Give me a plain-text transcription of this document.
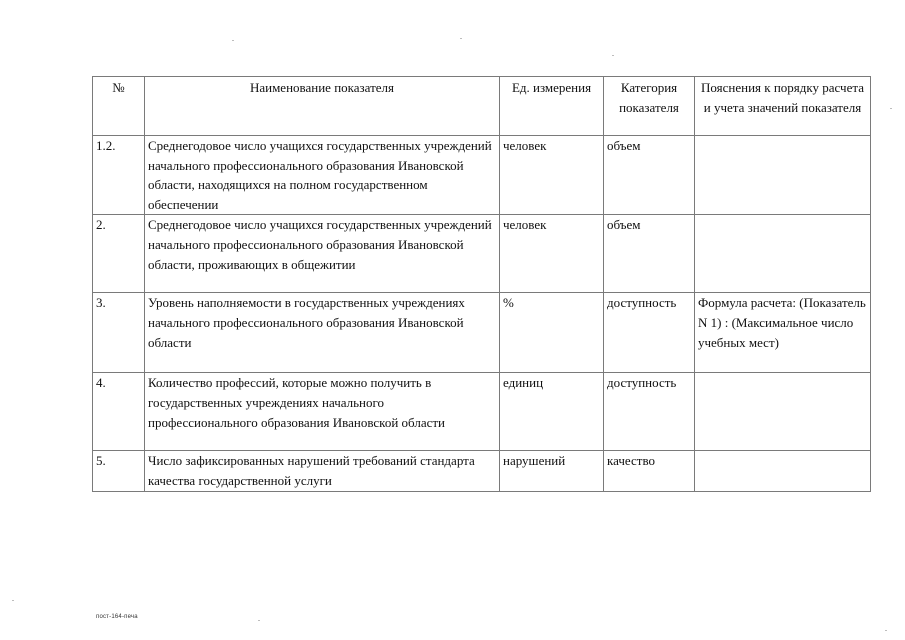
№	Наименование показателя	Ед. измерения	Категория показателя	Пояснения к порядку расчета и учета значений показателя
1.2.	Среднегодовое число учащихся государственных учреждений начального профессионального образования Ивановской области, находящихся на полном государственном обеспечении	человек	объем	
2.	Среднегодовое число учащихся государственных учреждений начального профессионального образования Ивановской области, проживающих в общежитии	человек	объем	
3.	Уровень наполняемости в государственных учреждениях начального профессионального образования Ивановской области	%	доступность	Формула расчета: (Показатель N 1) : (Максимальное число учебных мест)
4.	Количество профессий, которые можно получить в государственных учреждениях начального профессионального образования Ивановской области	единиц	доступность	
5.	Число зафиксированных нарушений требований стандарта качества государственной услуги	нарушений	качество	
пост-164-печа
